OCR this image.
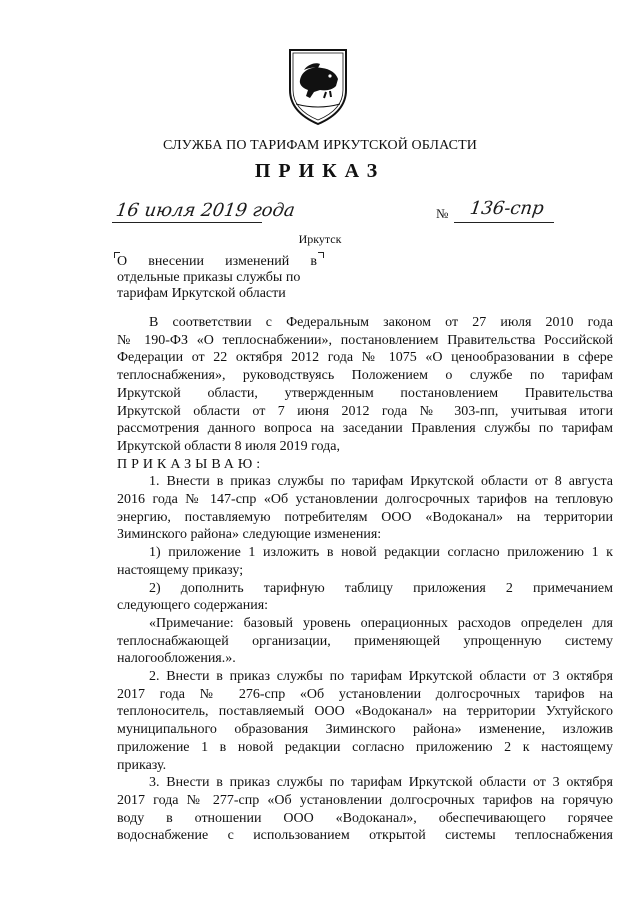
СЛУЖБА ПО ТАРИФАМ ИРКУТСКОЙ ОБЛАСТИ
ПРИКАЗ
16 июля 2019 года	№ 136-спр
Иркутск
О внесении изменений в
отдельные приказы службы по
тарифам Иркутской области
В соответствии с Федеральным законом от 27 июля 2010 года
№ 190-ФЗ «О теплоснабжении», постановлением Правительства Российской
Федерации от 22 октября 2012 года № 1075 «О ценообразовании в сфере
теплоснабжения», руководствуясь Положением о службе по тарифам
Иркутской области, утвержденным постановлением Правительства
Иркутской области от 7 июня 2012 года № 303-пп, учитывая итоги
рассмотрения данного вопроса на заседании Правления службы по тарифам
Иркутской области 8 июля 2019 года,
ПРИКАЗЫВАЮ:
1. Внести в приказ службы по тарифам Иркутской области от 8 августа
2016 года № 147-спр «Об установлении долгосрочных тарифов на тепловую
энергию, поставляемую потребителям ООО «Водоканал» на территории
Зиминского района» следующие изменения:
1) приложение 1 изложить в новой редакции согласно приложению 1 к
настоящему приказу;
2) дополнить тарифную таблицу приложения 2 примечанием
следующего содержания:
«Примечание: базовый уровень операционных расходов определен для
теплоснабжающей организации, применяющей упрощенную систему
налогообложения.».
2. Внести в приказ службы по тарифам Иркутской области от 3 октября
2017 года № 276-спр «Об установлении долгосрочных тарифов на
теплоноситель, поставляемый ООО «Водоканал» на территории Ухтуйского
муниципального образования Зиминского района» изменение, изложив
приложение 1 в новой редакции согласно приложению 2 к настоящему
приказу.
3. Внести в приказ службы по тарифам Иркутской области от 3 октября
2017 года № 277-спр «Об установлении долгосрочных тарифов на горячую
воду в отношении ООО «Водоканал», обеспечивающего горячее
водоснабжение с использованием открытой системы теплоснабжения
